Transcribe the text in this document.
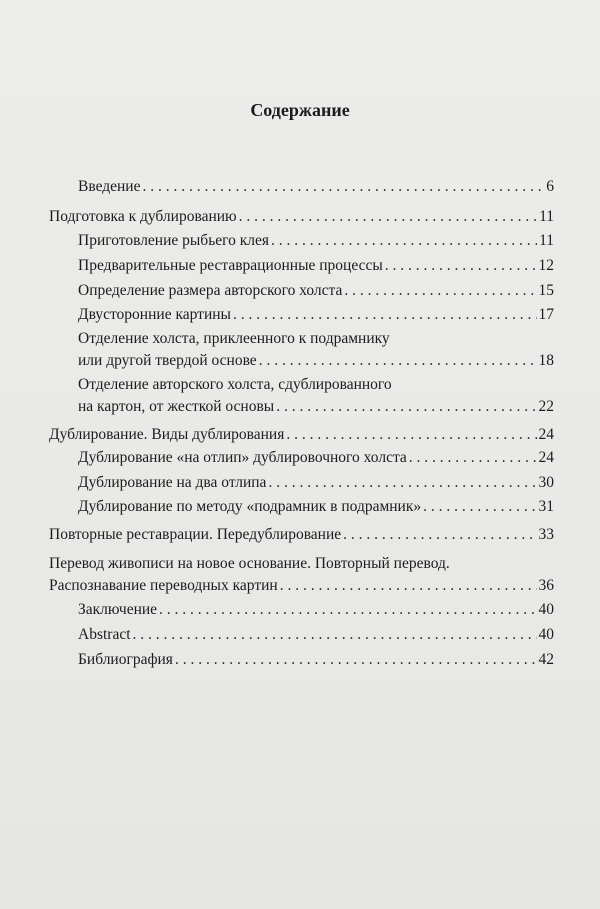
Содержание
Введение . . .	6
Подготовка к дублированию . . .	11
Приготовление рыбьего клея . . .	11
Предварительные реставрационные процессы . . .	12
Определение размера авторского холста . . .	15
Двусторонние картины . . .	17
Отделение холста, приклеенного к подрамнику
или другой твердой основе . . .	18
Отделение авторского холста, сдублированного
на картон, от жесткой основы . . .	22
Дублирование. Виды дублирования . . .	24
Дублирование «на отлип» дублировочного холста . . .	24
Дублирование на два отлипа . . .	30
Дублирование по методу «подрамник в подрамник» . . .	31
Повторные реставрации. Передублирование . . .	33
Перевод живописи на новое основание. Повторный перевод.
Распознавание переводных картин . . .	36
Заключение . . .	40
Abstract . . .	40
Библиография . . .	42
